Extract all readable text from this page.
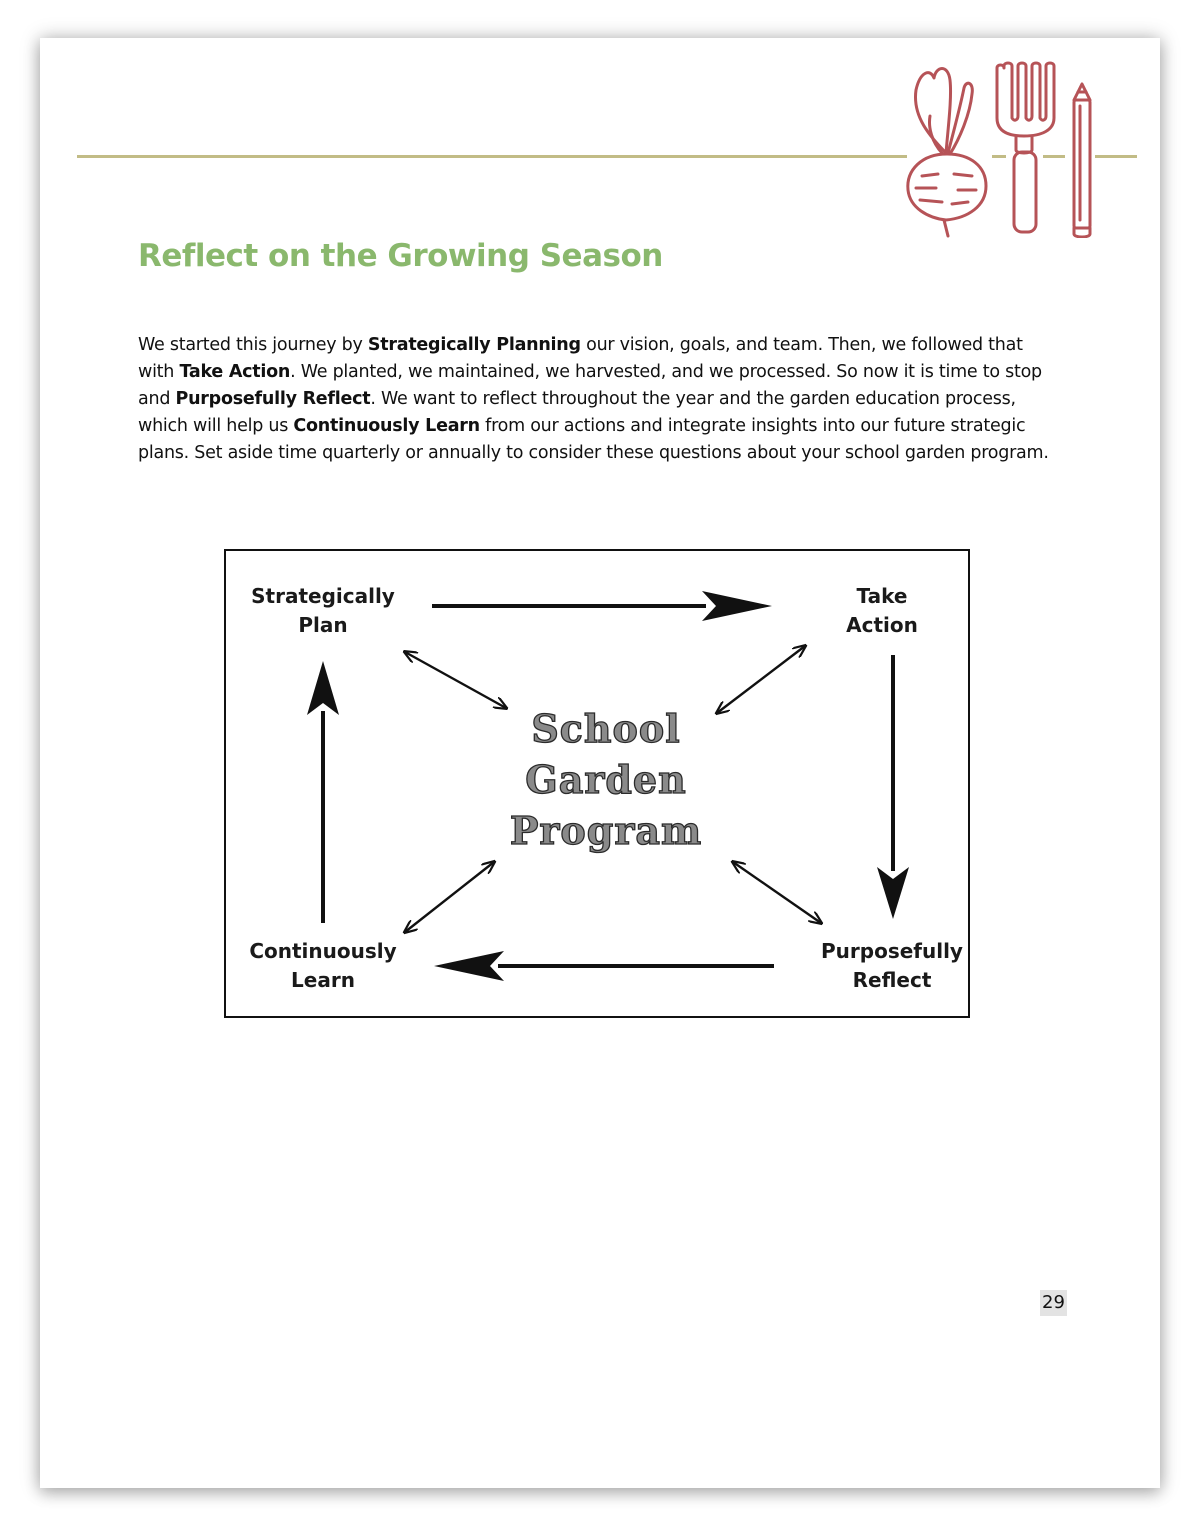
Reflect on the Growing Season

We started this journey by Strategically Planning our vision, goals, and team. Then, we followed that with Take Action. We planted, we maintained, we harvested, and we processed. So now it is time to stop and Purposefully Reflect. We want to reflect throughout the year and the garden education process, which will help us Continuously Learn from our actions and integrate insights into our future strategic plans. Set aside time quarterly or annually to consider these questions about your school garden program.

Strategically
Plan
Take
Action
Purposefully
Reflect
Continuously
Learn
School
Garden
Program
29
